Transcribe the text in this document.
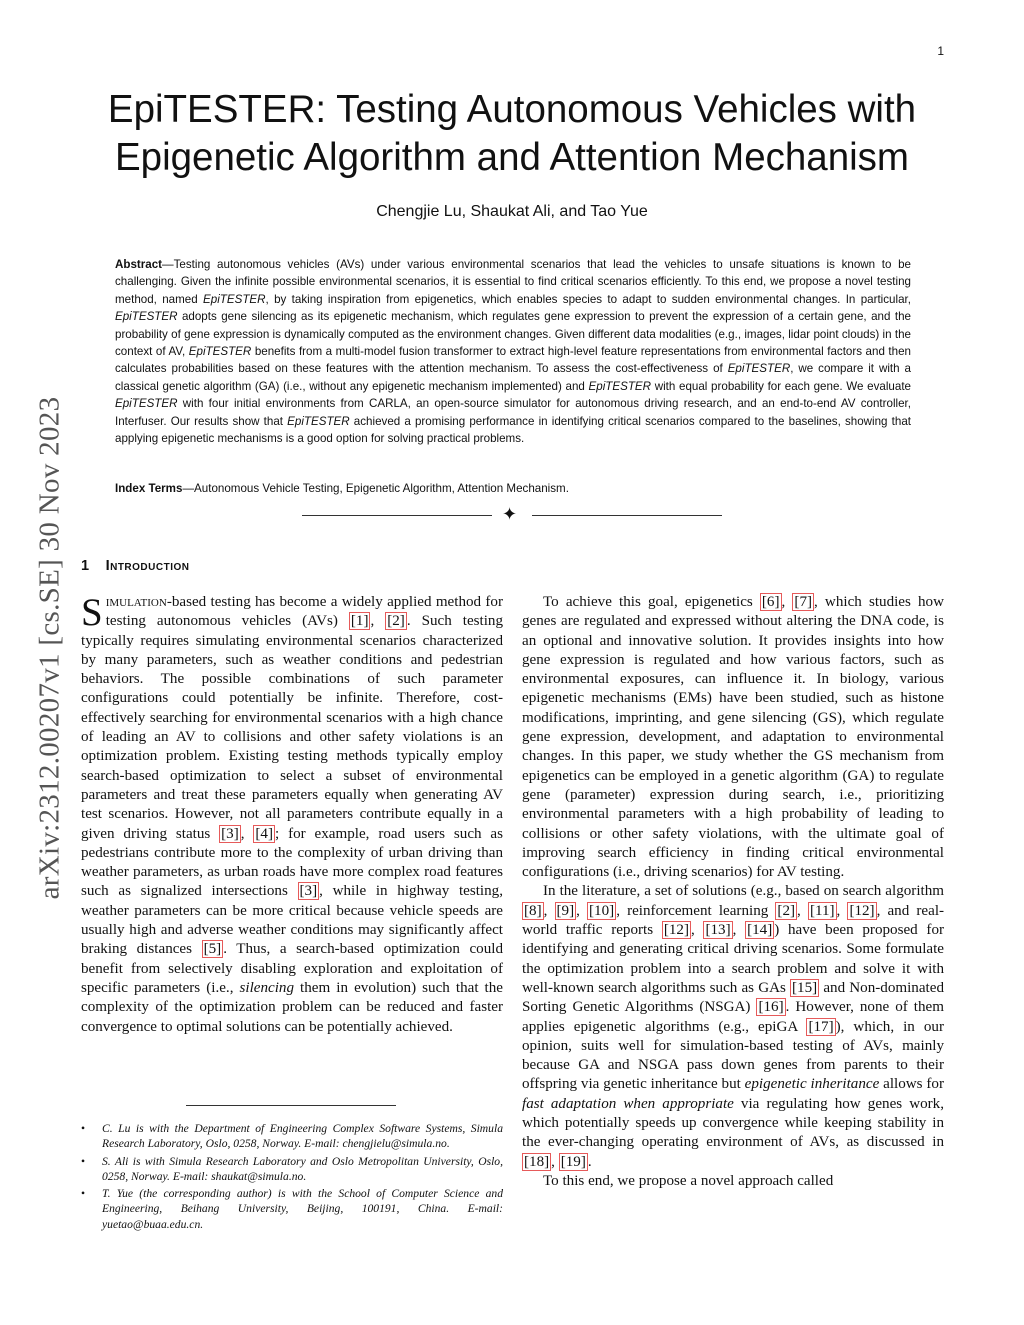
1
arXiv:2312.00207v1 [cs.SE] 30 Nov 2023
EpiTESTER: Testing Autonomous Vehicles with
Epigenetic Algorithm and Attention Mechanism
Chengjie Lu, Shaukat Ali, and Tao Yue
Abstract—Testing autonomous vehicles (AVs) under various environmental scenarios that lead the vehicles to unsafe situations is known to be challenging. Given the infinite possible environmental scenarios, it is essential to find critical scenarios efficiently. To this end, we propose a novel testing method, named EpiTESTER, by taking inspiration from epigenetics, which enables species to adapt to sudden environmental changes. In particular, EpiTESTER adopts gene silencing as its epigenetic mechanism, which regulates gene expression to prevent the expression of a certain gene, and the probability of gene expression is dynamically computed as the environment changes. Given different data modalities (e.g., images, lidar point clouds) in the context of AV, EpiTESTER benefits from a multi-model fusion transformer to extract high-level feature representations from environmental factors and then calculates probabilities based on these features with the attention mechanism. To assess the cost-effectiveness of EpiTESTER, we compare it with a classical genetic algorithm (GA) (i.e., without any epigenetic mechanism implemented) and EpiTESTER with equal probability for each gene. We evaluate EpiTESTER with four initial environments from CARLA, an open-source simulator for autonomous driving research, and an end-to-end AV controller, Interfuser. Our results show that EpiTESTER achieved a promising performance in identifying critical scenarios compared to the baselines, showing that applying epigenetic mechanisms is a good option for solving practical problems.
Index Terms—Autonomous Vehicle Testing, Epigenetic Algorithm, Attention Mechanism.
✦
1 Introduction

Simulation-based testing has become a widely applied method for testing autonomous vehicles (AVs) [1] , [2] . Such testing typically requires simulating environmental scenarios characterized by many parameters, such as weather conditions and pedestrian behaviors. The possible combinations of such parameter configurations could potentially be infinite. Therefore, cost-effectively searching for environmental scenarios with a high chance of leading an AV to collisions and other safety violations is an optimization problem. Existing testing methods typically employ search-based optimization to select a subset of environmental parameters and treat these parameters equally when generating AV test scenarios. However, not all parameters contribute equally in a given driving status [3] , [4] ; for example, road users such as pedestrians contribute more to the complexity of urban driving than weather parameters, as urban roads have more complex road features such as signalized intersections [3] , while in highway testing, weather parameters can be more critical because vehicle speeds are usually high and adverse weather conditions may significantly affect braking distances [5] . Thus, a search-based optimization could benefit from selectively disabling exploration and exploitation of specific parameters (i.e., silencing them in evolution) such that the complexity of the optimization problem can be reduced and faster convergence to optimal solutions can be potentially achieved.

• C. Lu is with the Department of Engineering Complex Software Systems, Simula Research Laboratory, Oslo, 0258, Norway. E-mail: chengjielu@simula.no.
• S. Ali is with Simula Research Laboratory and Oslo Metropolitan University, Oslo, 0258, Norway. E-mail: shaukat@simula.no.
• T. Yue (the corresponding author) is with the School of Computer Science and Engineering, Beihang University, Beijing, 100191, China. E-mail: yuetao@buaa.edu.cn.

To achieve this goal, epigenetics [6] , [7] , which studies how genes are regulated and expressed without altering the DNA code, is an optional and innovative solution. It provides insights into how gene expression is regulated and how various factors, such as environmental exposures, can influence it. In biology, various epigenetic mechanisms (EMs) have been studied, such as histone modifications, imprinting, and gene silencing (GS), which regulate gene expression, development, and adaptation to environmental changes. In this paper, we study whether the GS mechanism from epigenetics can be employed in a genetic algorithm (GA) to regulate gene (parameter) expression during search, i.e., prioritizing environmental parameters with a high probability of leading to collisions or other safety violations, with the ultimate goal of improving search efficiency in finding critical environmental configurations (i.e., driving scenarios) for AV testing.

In the literature, a set of solutions (e.g., based on search algorithm [8] , [9] , [10] , reinforcement learning [2] , [11] , [12] , and real-world traffic reports [12] , [13] , [14] ) have been proposed for identifying and generating critical driving scenarios. Some formulate the optimization problem into a search problem and solve it with well-known search algorithms such as GAs [15] and Non-dominated Sorting Genetic Algorithms (NSGA) [16] . However, none of them applies epigenetic algorithms (e.g., epiGA [17] ), which, in our opinion, suits well for simulation-based testing of AVs, mainly because GA and NSGA pass down genes from parents to their offspring via genetic inheritance but epigenetic inheritance allows for fast adaptation when appropriate via regulating how genes work, which potentially speeds up convergence while keeping stability in the ever-changing operating environment of AVs, as discussed in [18] , [19] .

To this end, we propose a novel approach called
